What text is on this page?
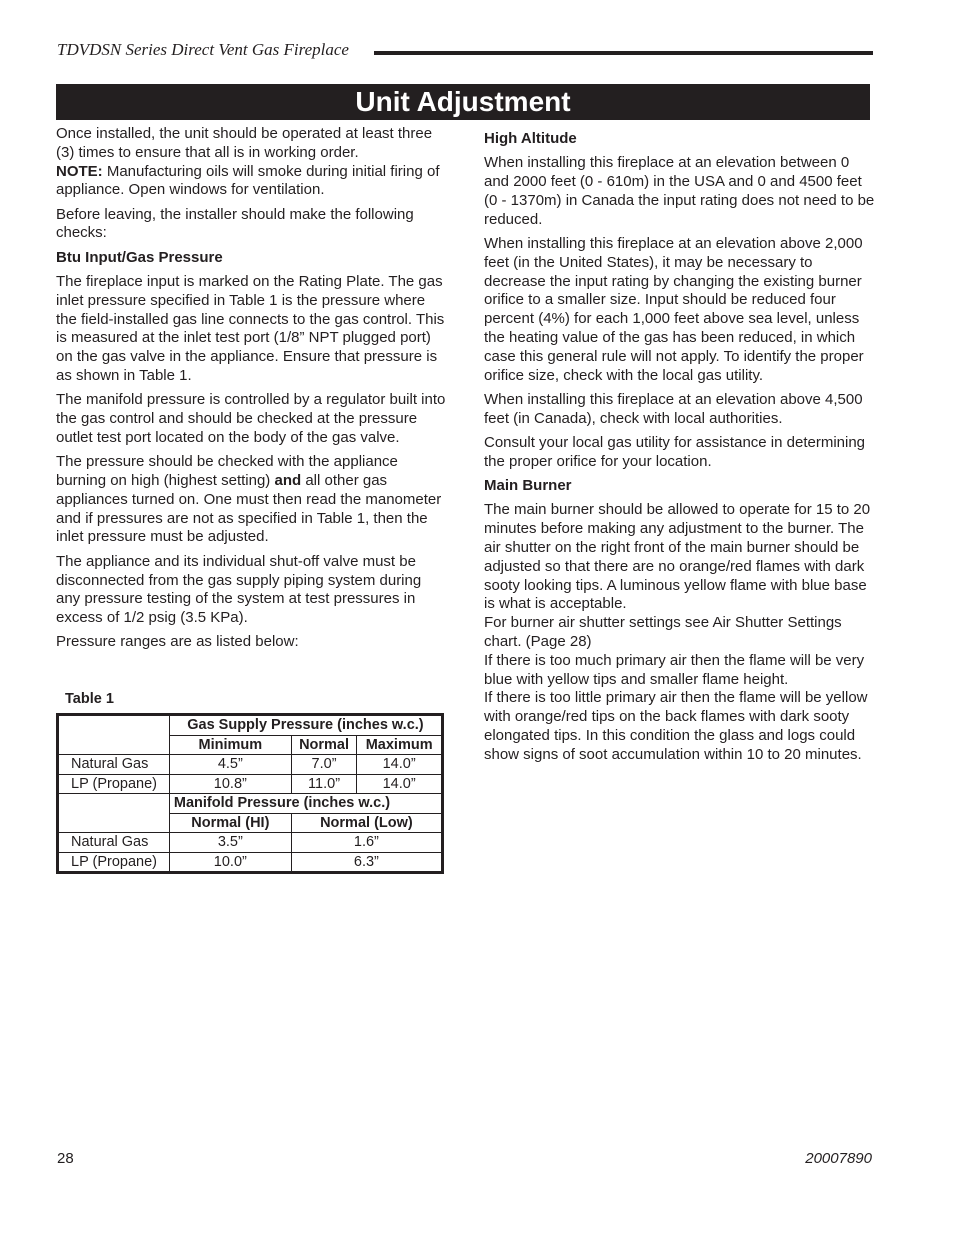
TDVDSN Series Direct Vent Gas Fireplace
Unit Adjustment

Once installed, the unit should be operated at least three (3) times to ensure that all is in working order.
NOTE: Manufacturing oils will smoke during initial firing of appliance. Open windows for ventilation.

Before leaving, the installer should make the following checks:

Btu Input/Gas Pressure

The fireplace input is marked on the Rating Plate. The gas inlet pressure specified in Table 1 is the pressure where the field-installed gas line connects to the gas control. This is measured at the inlet test port (1/8” NPT plugged port) on the gas valve in the appliance. Ensure that pressure is as shown in Table 1.

The manifold pressure is controlled by a regulator built into the gas control and should be checked at the pressure outlet test port located on the body of the gas valve.

The pressure should be checked with the appliance burning on high (highest setting) and all other gas appliances turned on. One must then read the manometer and if pressures are not as specified in Table 1, then the inlet pressure must be adjusted.

The appliance and its individual shut-off valve must be disconnected from the gas supply piping system during any pressure testing of the system at test pressures in excess of 1/2 psig (3.5 KPa).

Pressure ranges are as listed below:

Table 1
	Gas Supply Pressure (inches w.c.)		
	Minimum	Normal	Maximum
Natural Gas	4.5”	7.0”	14.0”
LP (Propane)	10.8”	11.0”	14.0”
	Manifold Pressure (inches w.c.)		
	Normal (HI)	Normal (Low)	
Natural Gas	3.5”	1.6”	
LP (Propane)	10.0”	6.3”	
High Altitude

When installing this fireplace at an elevation between 0 and 2000 feet (0 - 610m) in the USA and 0 and 4500 feet (0 - 1370m) in Canada the input rating does not need to be reduced.

When installing this fireplace at an elevation above 2,000 feet (in the United States), it may be necessary to decrease the input rating by changing the existing burner orifice to a smaller size. Input should be reduced four percent (4%) for each 1,000 feet above sea level, unless the heating value of the gas has been reduced, in which case this general rule will not apply. To identify the proper orifice size, check with the local gas utility.

When installing this fireplace at an elevation above 4,500 feet (in Canada), check with local authorities.

Consult your local gas utility for assistance in determining the proper orifice for your location.

Main Burner

The main burner should be allowed to operate for 15 to 20 minutes before making any adjustment to the burner. The air shutter on the right front of the main burner should be adjusted so that there are no orange/red flames with dark sooty looking tips. A luminous yellow flame with blue base is what is acceptable.

For burner air shutter settings see Air Shutter Settings chart. (Page 28)

If there is too much primary air then the flame will be very blue with yellow tips and smaller flame height.

If there is too little primary air then the flame will be yellow with orange/red tips on the back flames with dark sooty elongated tips. In this condition the glass and logs could show signs of soot accumulation within 10 to 20 minutes.

28	20007890
